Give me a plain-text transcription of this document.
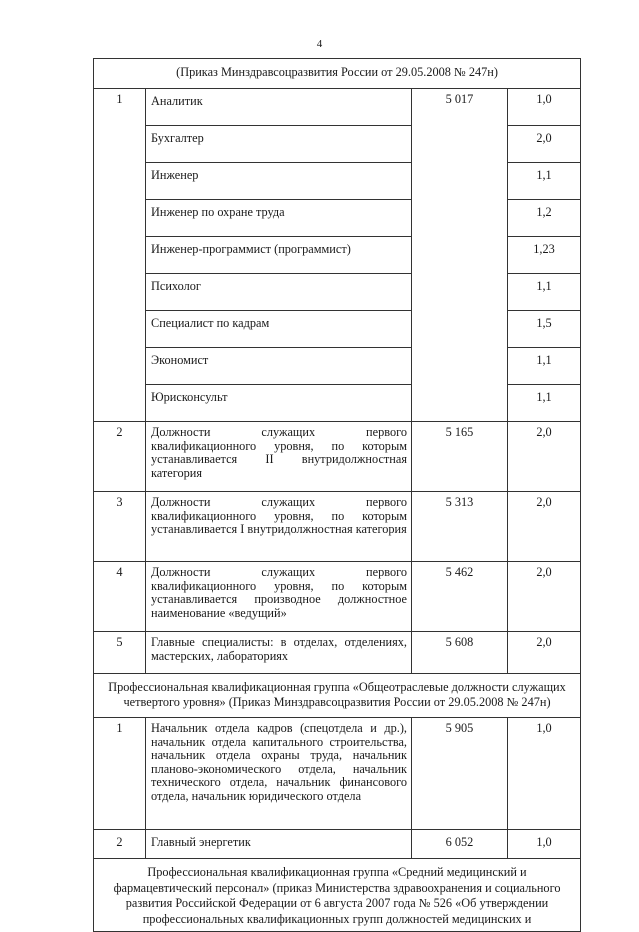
4
(Приказ Минздравсоцразвития России от 29.05.2008 № 247н)			
1	Аналитик	5 017	1,0
	Бухгалтер		2,0
	Инженер		1,1
	Инженер по охране труда		1,2
	Инженер-программист (программист)		1,23
	Психолог		1,1
	Специалист по кадрам		1,5
	Экономист		1,1
	Юрисконсульт		1,1
2	Должности служащих первого квалификационного уровня, по которым устанавливается II внутридолжностная категория	5 165	2,0
3	Должности служащих первого квалификационного уровня, по которым устанавливается I внутридолжностная категория	5 313	2,0
4	Должности служащих первого квалификационного уровня, по которым устанавливается производное должностное наименование «ведущий»	5 462	2,0
5	Главные специалисты: в отделах, отделениях, мастерских, лабораториях	5 608	2,0
Профессиональная квалификационная группа «Общеотраслевые должности служащих четвертого уровня» (Приказ Минздравсоцразвития России от 29.05.2008 № 247н)			
1	Начальник отдела кадров (спецотдела и др.), начальник отдела капитального строительства, начальник отдела охраны труда, начальник планово-экономического отдела, начальник технического отдела, начальник финансового отдела, начальник юридического отдела	5 905	1,0
2	Главный энергетик	6 052	1,0
Профессиональная квалификационная группа «Средний медицинский и фармацевтический персонал» (приказ Министерства здравоохранения и социального развития Российской Федерации от 6 августа 2007 года № 526 «Об утверждении профессиональных квалификационных групп должностей медицинских и			
